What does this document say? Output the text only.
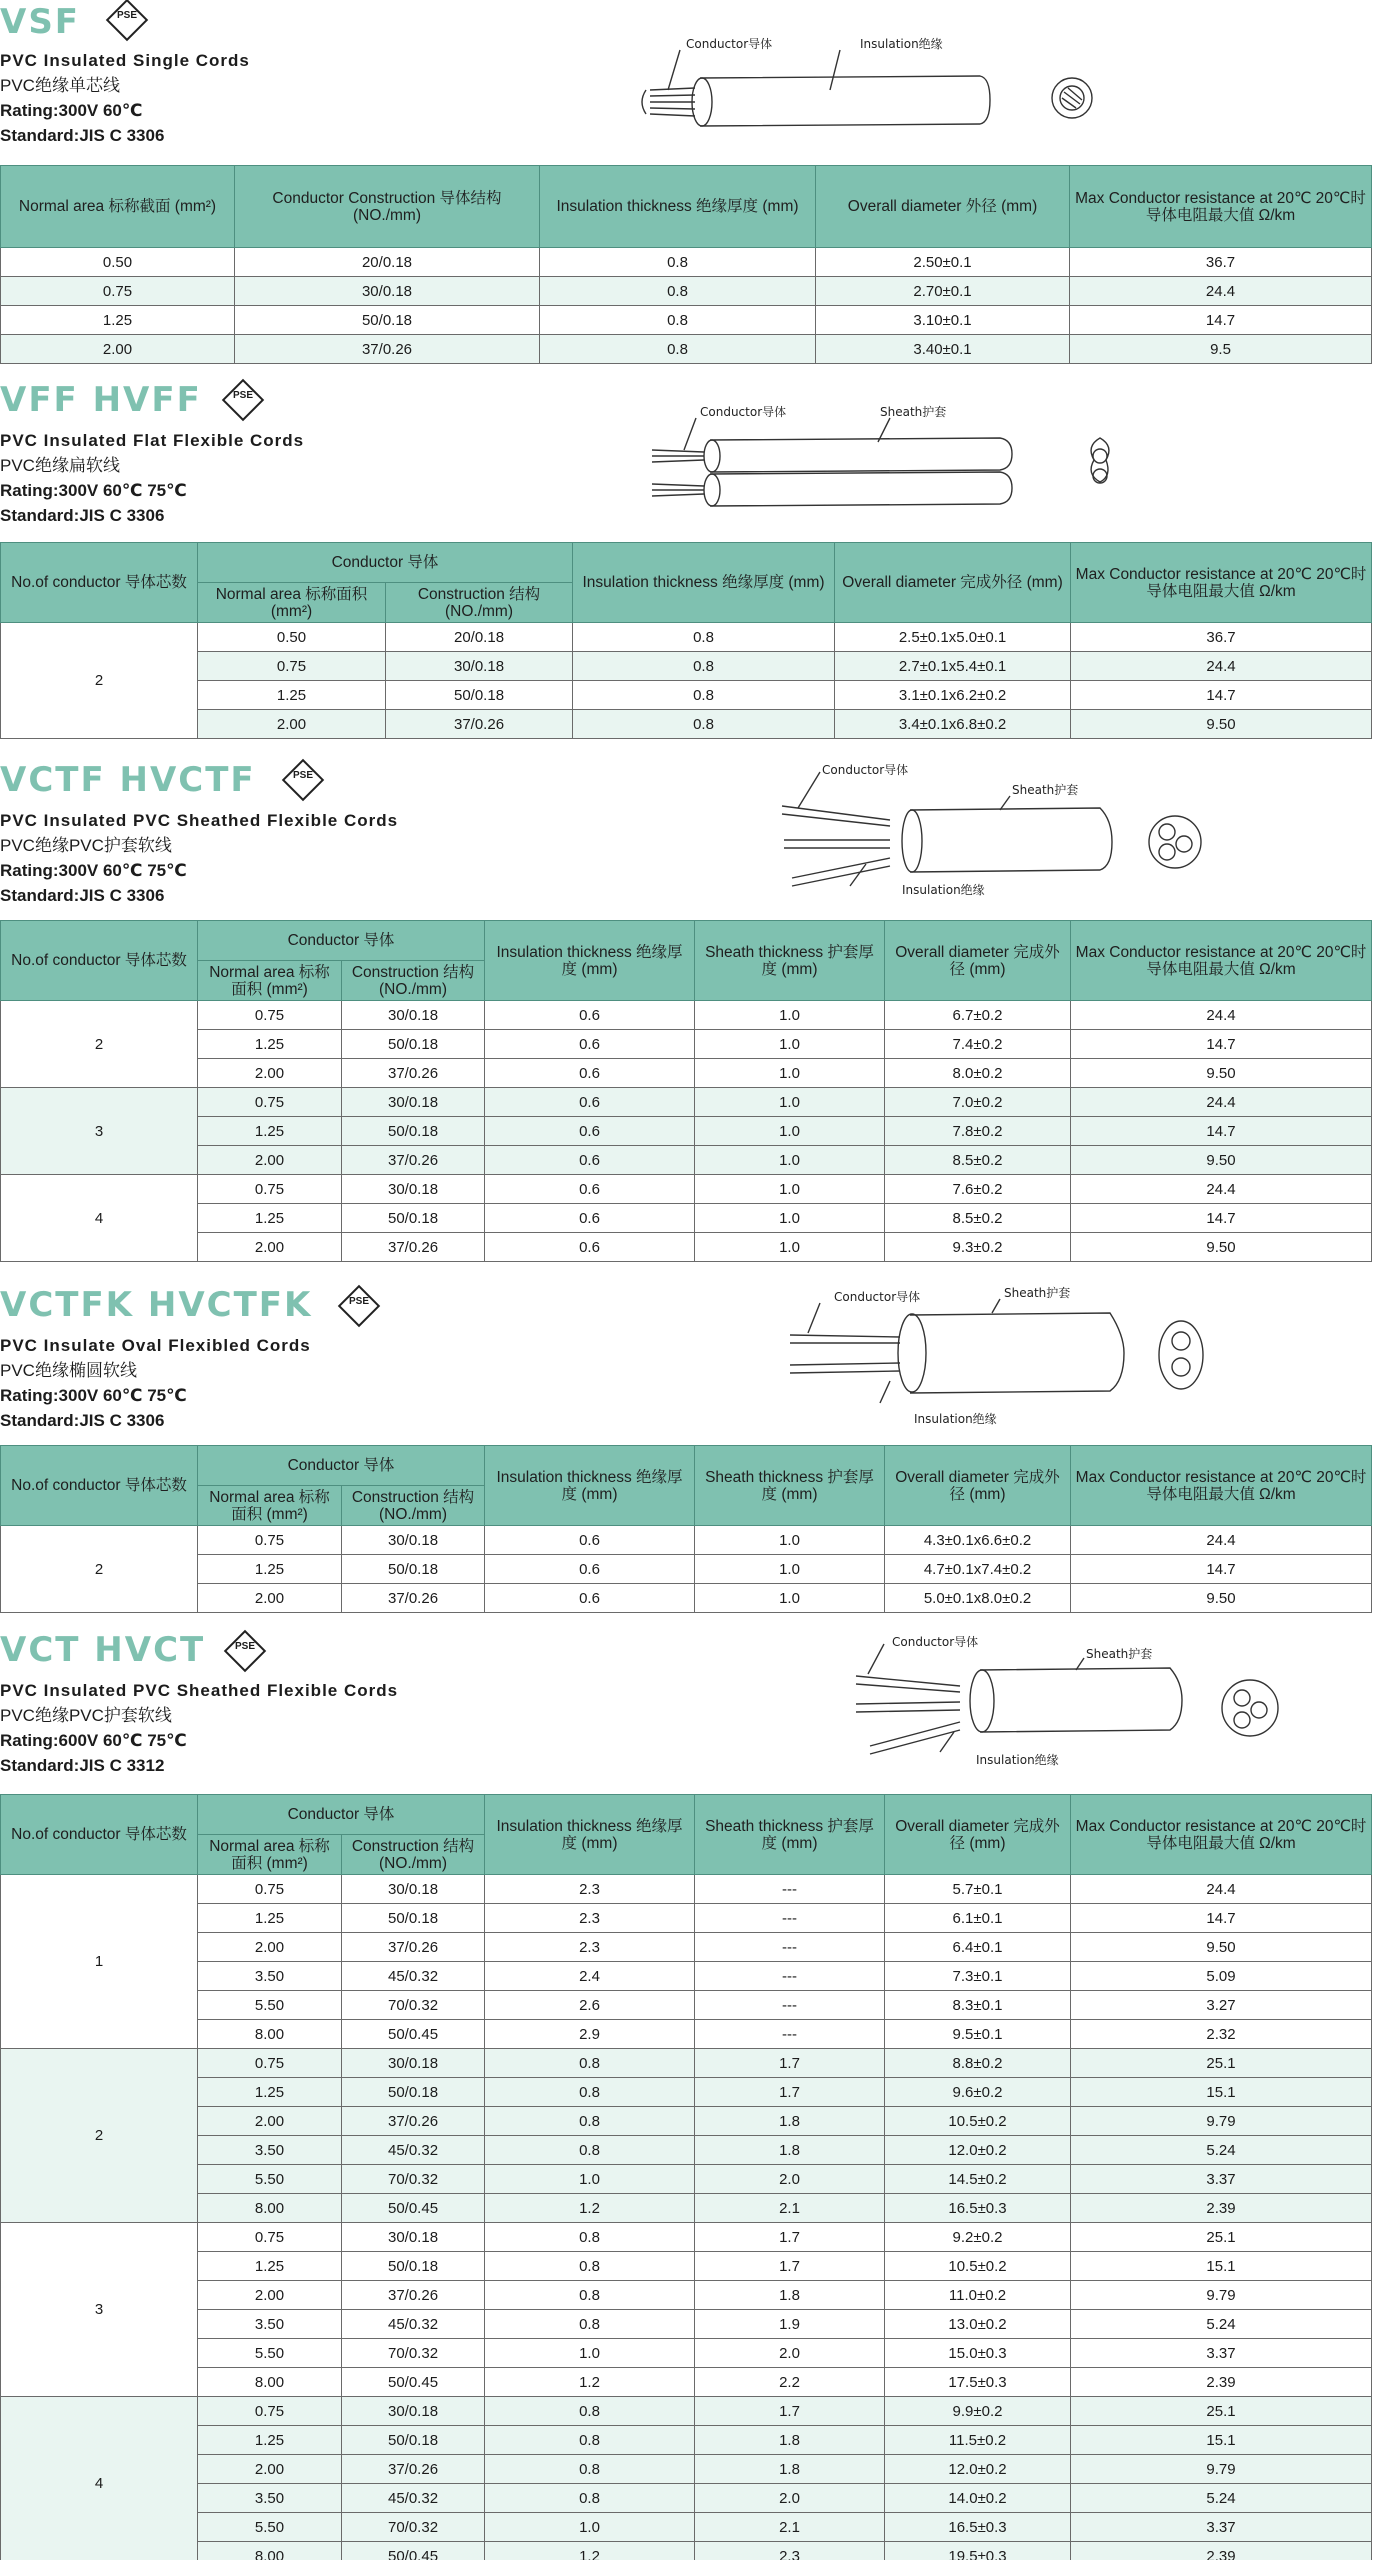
VSF	PSE
PVC Insulated Single Cords
PVC绝缘单芯线
Rating:300V 60℃
Standard:JIS C 3306
Conductor导体	Insulation绝缘
Normal area 标称截面 (mm²)	Conductor Construction 导体结构 (NO./mm)	Insulation thickness 绝缘厚度 (mm)	Overall diameter 外径 (mm)	Max Conductor resistance at 20℃ 20℃时导体电阻最大值 Ω/km
0.50	20/0.18	0.8	2.50±0.1	36.7
0.75	30/0.18	0.8	2.70±0.1	24.4
1.25	50/0.18	0.8	3.10±0.1	14.7
2.00	37/0.26	0.8	3.40±0.1	9.5
VFF HVFF	PSE
PVC Insulated Flat Flexible Cords
PVC绝缘扁软线
Rating:300V 60℃ 75℃
Standard:JIS C 3306
Conductor导体	Sheath护套
No.of conductor 导体芯数	Conductor 导体		Insulation thickness 绝缘厚度 (mm)	Overall diameter 完成外径 (mm)	Max Conductor resistance at 20℃ 20℃时导体电阻最大值 Ω/km
	Normal area 标称面积 (mm²)	Construction 结构 (NO./mm)			
2	0.50	20/0.18	0.8	2.5±0.1x5.0±0.1	36.7
	0.75	30/0.18	0.8	2.7±0.1x5.4±0.1	24.4
	1.25	50/0.18	0.8	3.1±0.1x6.2±0.2	14.7
	2.00	37/0.26	0.8	3.4±0.1x6.8±0.2	9.50
VCTF HVCTF	PSE
PVC Insulated PVC Sheathed Flexible Cords
PVC绝缘PVC护套软线
Rating:300V 60℃ 75℃
Standard:JIS C 3306
Conductor导体
Sheath护套
Insulation绝缘
No.of conductor 导体芯数	Conductor 导体		Insulation thickness 绝缘厚度 (mm)	Sheath thickness 护套厚度 (mm)	Overall diameter 完成外径 (mm)	Max Conductor resistance at 20℃ 20℃时导体电阻最大值 Ω/km
	Normal area 标称面积 (mm²)	Construction 结构 (NO./mm)				
2	0.75	30/0.18	0.6	1.0	6.7±0.2	24.4
	1.25	50/0.18	0.6	1.0	7.4±0.2	14.7
	2.00	37/0.26	0.6	1.0	8.0±0.2	9.50
3	0.75	30/0.18	0.6	1.0	7.0±0.2	24.4
	1.25	50/0.18	0.6	1.0	7.8±0.2	14.7
	2.00	37/0.26	0.6	1.0	8.5±0.2	9.50
4	0.75	30/0.18	0.6	1.0	7.6±0.2	24.4
	1.25	50/0.18	0.6	1.0	8.5±0.2	14.7
	2.00	37/0.26	0.6	1.0	9.3±0.2	9.50
VCTFK HVCTFK	PSE
PVC Insulate Oval Flexibled Cords
PVC绝缘椭圆软线
Rating:300V 60℃ 75℃
Standard:JIS C 3306
Conductor导体	Sheath护套
Insulation绝缘
No.of conductor 导体芯数	Conductor 导体		Insulation thickness 绝缘厚度 (mm)	Sheath thickness 护套厚度 (mm)	Overall diameter 完成外径 (mm)	Max Conductor resistance at 20℃ 20℃时导体电阻最大值 Ω/km
	Normal area 标称面积 (mm²)	Construction 结构 (NO./mm)				
2	0.75	30/0.18	0.6	1.0	4.3±0.1x6.6±0.2	24.4
	1.25	50/0.18	0.6	1.0	4.7±0.1x7.4±0.2	14.7
	2.00	37/0.26	0.6	1.0	5.0±0.1x8.0±0.2	9.50
VCT HVCT	PSE
PVC Insulated PVC Sheathed Flexible Cords
PVC绝缘PVC护套软线
Rating:600V 60℃ 75℃
Standard:JIS C 3312
Conductor导体
Sheath护套
Insulation绝缘
No.of conductor 导体芯数	Conductor 导体		Insulation thickness 绝缘厚度 (mm)	Sheath thickness 护套厚度 (mm)	Overall diameter 完成外径 (mm)	Max Conductor resistance at 20℃ 20℃时导体电阻最大值 Ω/km
	Normal area 标称面积 (mm²)	Construction 结构 (NO./mm)				
1	0.75	30/0.18	2.3	---	5.7±0.1	24.4
	1.25	50/0.18	2.3	---	6.1±0.1	14.7
	2.00	37/0.26	2.3	---	6.4±0.1	9.50
	3.50	45/0.32	2.4	---	7.3±0.1	5.09
	5.50	70/0.32	2.6	---	8.3±0.1	3.27
	8.00	50/0.45	2.9	---	9.5±0.1	2.32
2	0.75	30/0.18	0.8	1.7	8.8±0.2	25.1
	1.25	50/0.18	0.8	1.7	9.6±0.2	15.1
	2.00	37/0.26	0.8	1.8	10.5±0.2	9.79
	3.50	45/0.32	0.8	1.8	12.0±0.2	5.24
	5.50	70/0.32	1.0	2.0	14.5±0.2	3.37
	8.00	50/0.45	1.2	2.1	16.5±0.3	2.39
3	0.75	30/0.18	0.8	1.7	9.2±0.2	25.1
	1.25	50/0.18	0.8	1.7	10.5±0.2	15.1
	2.00	37/0.26	0.8	1.8	11.0±0.2	9.79
	3.50	45/0.32	0.8	1.9	13.0±0.2	5.24
	5.50	70/0.32	1.0	2.0	15.0±0.3	3.37
	8.00	50/0.45	1.2	2.2	17.5±0.3	2.39
4	0.75	30/0.18	0.8	1.7	9.9±0.2	25.1
	1.25	50/0.18	0.8	1.8	11.5±0.2	15.1
	2.00	37/0.26	0.8	1.8	12.0±0.2	9.79
	3.50	45/0.32	0.8	2.0	14.0±0.2	5.24
	5.50	70/0.32	1.0	2.1	16.5±0.3	3.37
	8.00	50/0.45	1.2	2.3	19.5±0.3	2.39
